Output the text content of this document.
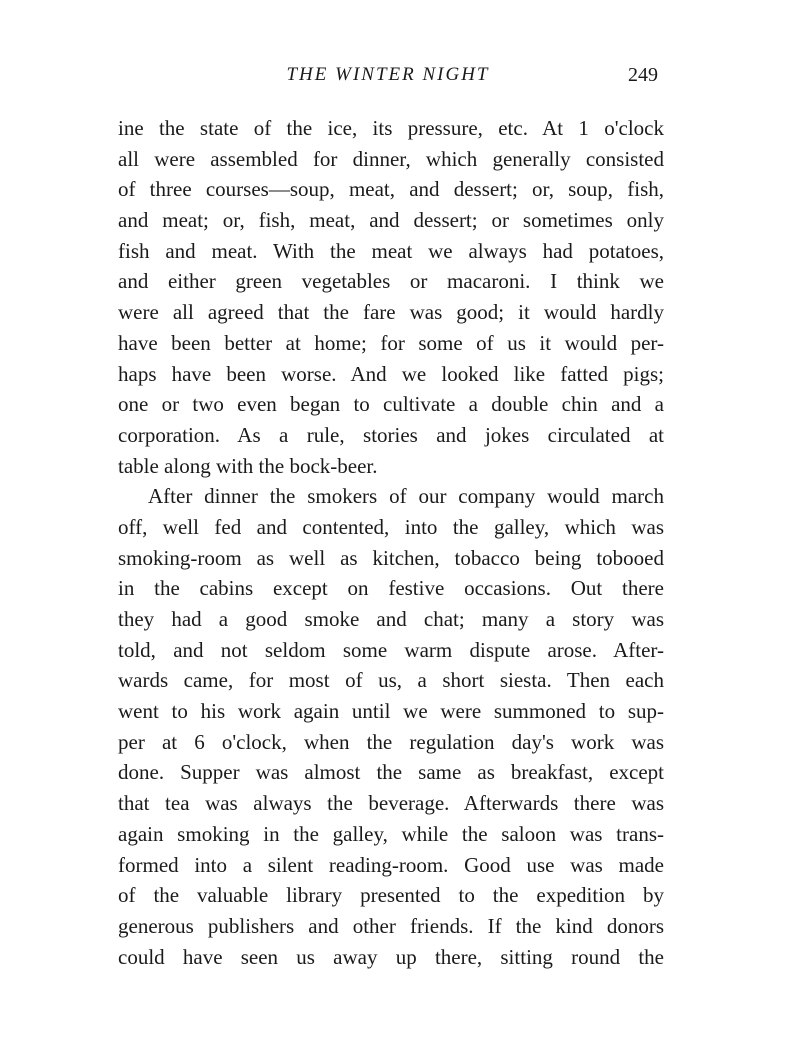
THE WINTER NIGHT	249
ine the state of the ice, its pressure, etc. At 1 o'clock
all were assembled for dinner, which generally consisted
of three courses—soup, meat, and dessert; or, soup, fish,
and meat; or, fish, meat, and dessert; or sometimes only
fish and meat. With the meat we always had potatoes,
and either green vegetables or macaroni. I think we
were all agreed that the fare was good; it would hardly
have been better at home; for some of us it would per-
haps have been worse. And we looked like fatted pigs;
one or two even began to cultivate a double chin and a
corporation. As a rule, stories and jokes circulated at
table along with the bock-beer.
After dinner the smokers of our company would march
off, well fed and contented, into the galley, which was
smoking-room as well as kitchen, tobacco being tobooed
in the cabins except on festive occasions. Out there
they had a good smoke and chat; many a story was
told, and not seldom some warm dispute arose. After-
wards came, for most of us, a short siesta. Then each
went to his work again until we were summoned to sup-
per at 6 o'clock, when the regulation day's work was
done. Supper was almost the same as breakfast, except
that tea was always the beverage. Afterwards there was
again smoking in the galley, while the saloon was trans-
formed into a silent reading-room. Good use was made
of the valuable library presented to the expedition by
generous publishers and other friends. If the kind donors
could have seen us away up there, sitting round the
